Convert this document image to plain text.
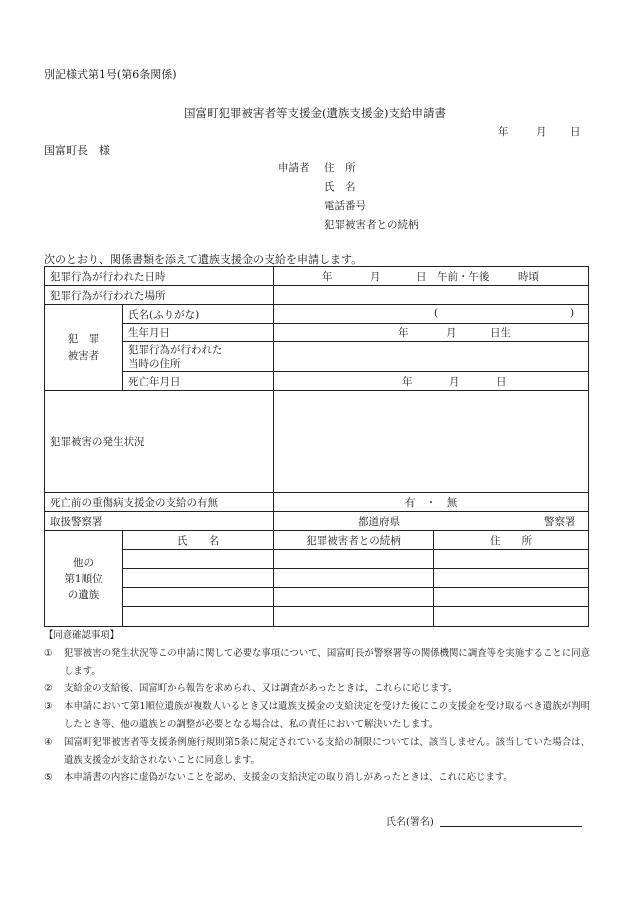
別記様式第1号(第6条関係)
国富町犯罪被害者等支援金(遺族支援金)支給申請書
年	月 日
国富町長　様
申請者 住　所
氏　名
電話番号
犯罪被害者との続柄
次のとおり、関係書類を添えて遺族支援金の支給を申請します。
犯罪行為が行われた日時		年 月 日 午前・午後 時頃	

犯罪行為が行われた場所			
犯　罪
被害者	氏名(ふりがな)	( )	

	生年月日	年 月 日生	

	犯罪行為が行われた
当時の住所		
	死亡年月日	年 月 日	

犯罪被害の発生状況			
死亡前の重傷病支援金の支給の有無		有　・　無	
取扱警察署		都道府県 警察署	

他の
第1順位
の遺族	氏　　名	犯罪被害者との続柄	住　　所

【同意確認事項】
①	犯罪被害の発生状況等この申請に関して必要な事項について、国富町長が警察署等の関係機関に調査等を実施することに同意します。
②	支給金の支給後、国富町から報告を求められ、又は調査があったときは、これらに応じます。
③	本申請において第1順位遺族が複数人いるとき又は遺族支援金の支給決定を受けた後にこの支援金を受け取るべき遺族が判明したとき等、他の遺族との調整が必要となる場合は、私の責任において解決いたします。
④	国富町犯罪被害者等支援条例施行規則第5条に規定されている支給の制限については、該当しません。該当していた場合は、遺族支援金が支給されないことに同意します。
⑤	本申請書の内容に虚偽がないことを認め、支援金の支給決定の取り消しがあったときは、これに応じます。
氏名(署名)
